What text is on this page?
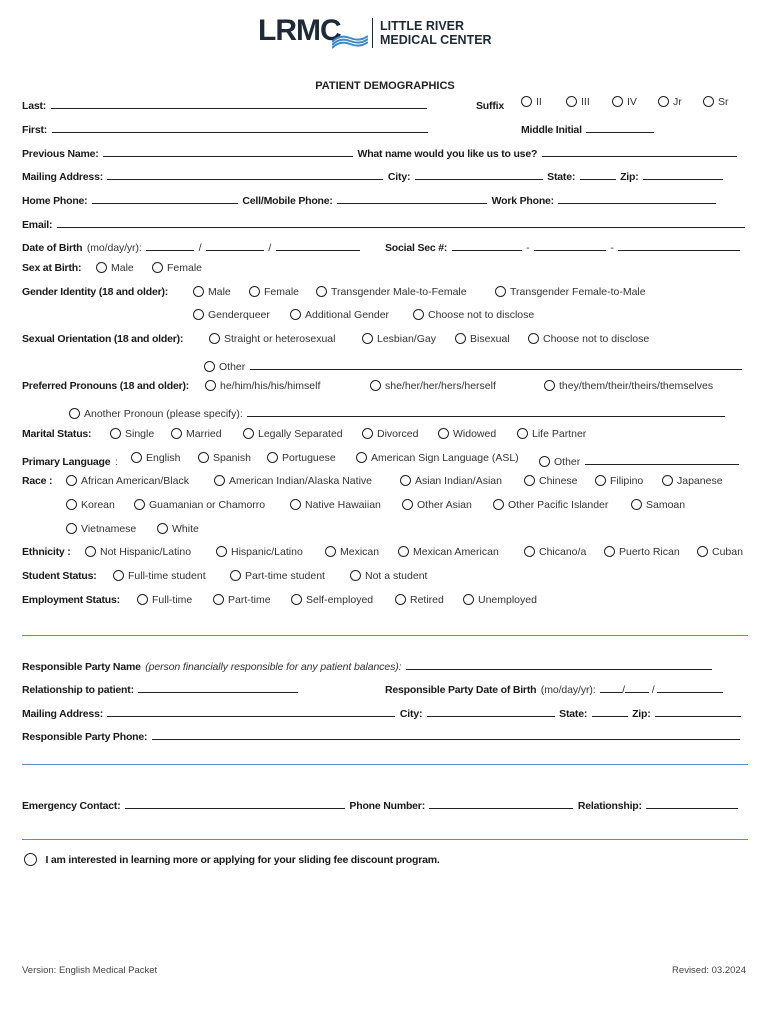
LRMC	LITTLE RIVER
MEDICAL CENTER
PATIENT DEMOGRAPHICS
Last:	Suffix	II	III	IV	Jr	Sr
First:	Middle Initial
Previous Name:	What name would you like us to use?
Mailing Address:	City:	State:	Zip:
Home Phone:	Cell/Mobile Phone:	Work Phone:
Email:
Date of Birth (mo/day/yr):	/	/	Social Sec #:	-	-
Sex at Birth:	Male	Female
Gender Identity (18 and older):	Male	Female	Transgender Male-to-Female	Transgender Female-to-Male
Genderqueer	Additional Gender	Choose not to disclose
Sexual Orientation (18 and older):	Straight or heterosexual	Lesbian/Gay	Bisexual	Choose not to disclose
Other
Preferred Pronouns (18 and older):	he/him/his/his/himself	she/her/her/hers/herself	they/them/their/theirs/themselves
Another Pronoun (please specify):
Marital Status:	Single	Married	Legally Separated	Divorced	Widowed	Life Partner
Primary Language :	English	Spanish	Portuguese	American Sign Language (ASL)	Other
Race :	African American/Black	American Indian/Alaska Native	Asian Indian/Asian	Chinese	Filipino	Japanese
Korean	Guamanian or Chamorro	Native Hawaiian	Other Asian	Other Pacific Islander	Samoan
Vietnamese	White
Ethnicity :	Not Hispanic/Latino	Hispanic/Latino	Mexican	Mexican American	Chicano/a	Puerto Rican	Cuban
Student Status:	Full-time student	Part-time student	Not a student
Employment Status:	Full-time	Part-time	Self-employed	Retired	Unemployed
Responsible Party Name (person financially responsible for any patient balances):
Relationship to patient:	Responsible Party Date of Birth (mo/day/yr):	/ /
Mailing Address:	City:	State:	Zip:
Responsible Party Phone:
Emergency Contact:	Phone Number:	Relationship:
I am interested in learning more or applying for your sliding fee discount program.
Version: English Medical Packet	Revised: 03.2024
